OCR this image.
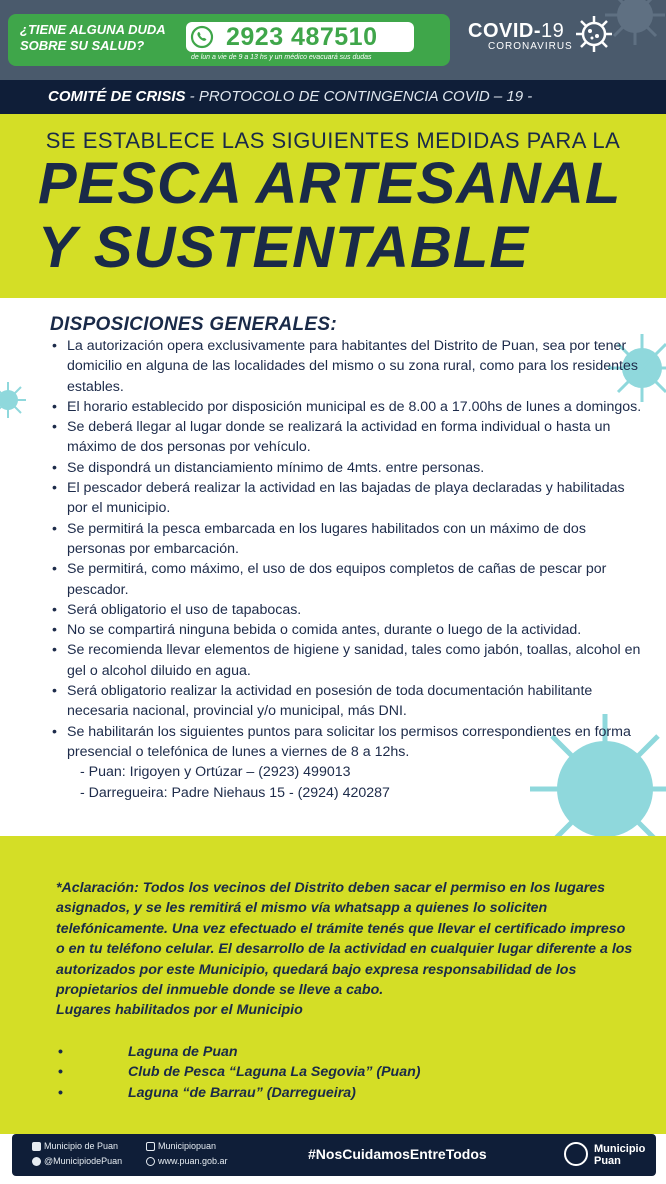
¿TIENE ALGUNA DUDA SOBRE SU SALUD?	2923 487510
de lun a vie de 9 a 13 hs y un médico evacuará sus dudas
COVID-19
CORONAVIRUS
COMITÉ DE CRISIS - PROTOCOLO DE CONTINGENCIA COVID – 19 -
SE ESTABLECE LAS SIGUIENTES MEDIDAS PARA LA
PESCA ARTESANAL
Y SUSTENTABLE
DISPOSICIONES GENERALES:
• La autorización opera exclusivamente para habitantes del Distrito de Puan, sea por tener domicilio en alguna de las localidades del mismo o su zona rural, como para los residentes estables.
• El horario establecido por disposición municipal es de 8.00 a 17.00hs de lunes a domingos.
• Se deberá llegar al lugar donde se realizará la actividad en forma individual o hasta un máximo de dos personas por vehículo.
• Se dispondrá un distanciamiento mínimo de 4mts. entre personas.
• El pescador deberá realizar la actividad en las bajadas de playa declaradas y habilitadas por el municipio.
• Se permitirá la pesca embarcada en los lugares habilitados con un máximo de dos personas por embarcación.
• Se permitirá, como máximo, el uso de dos equipos completos de cañas de pescar por pescador.
• Será obligatorio el uso de tapabocas.
• No se compartirá ninguna bebida o comida antes, durante o luego de la actividad.
• Se recomienda llevar elementos de higiene y sanidad, tales como jabón, toallas, alcohol en gel o alcohol diluido en agua.
• Será obligatorio realizar la actividad en posesión de toda documentación habilitante necesaria nacional, provincial y/o municipal, más DNI.
• Se habilitarán los siguientes puntos para solicitar los permisos correspondientes en forma presencial o telefónica de lunes a viernes de 8 a 12hs.
- Puan: Irigoyen y Ortúzar – (2923) 499013
- Darregueira: Padre Niehaus 15 - (2924) 420287
*Aclaración: Todos los vecinos del Distrito deben sacar el permiso en los lugares asignados, y se les remitirá el mismo vía whatsapp a quienes lo soliciten telefónicamente. Una vez efectuado el trámite tenés que llevar el certificado impreso o en tu teléfono celular. El desarrollo de la actividad en cualquier lugar diferente a los autorizados por este Municipio, quedará bajo expresa responsabilidad de los propietarios del inmueble donde se lleve a cabo.
Lugares habilitados por el Municipio
• Laguna de Puan
• Club de Pesca “Laguna La Segovia” (Puan)
• Laguna “de Barrau” (Darregueira)
Municipio de Puan
@MunicipiodePuan
Municipiopuan
www.puan.gob.ar	#NosCuidamosEntreTodos	Municipio
Puan
